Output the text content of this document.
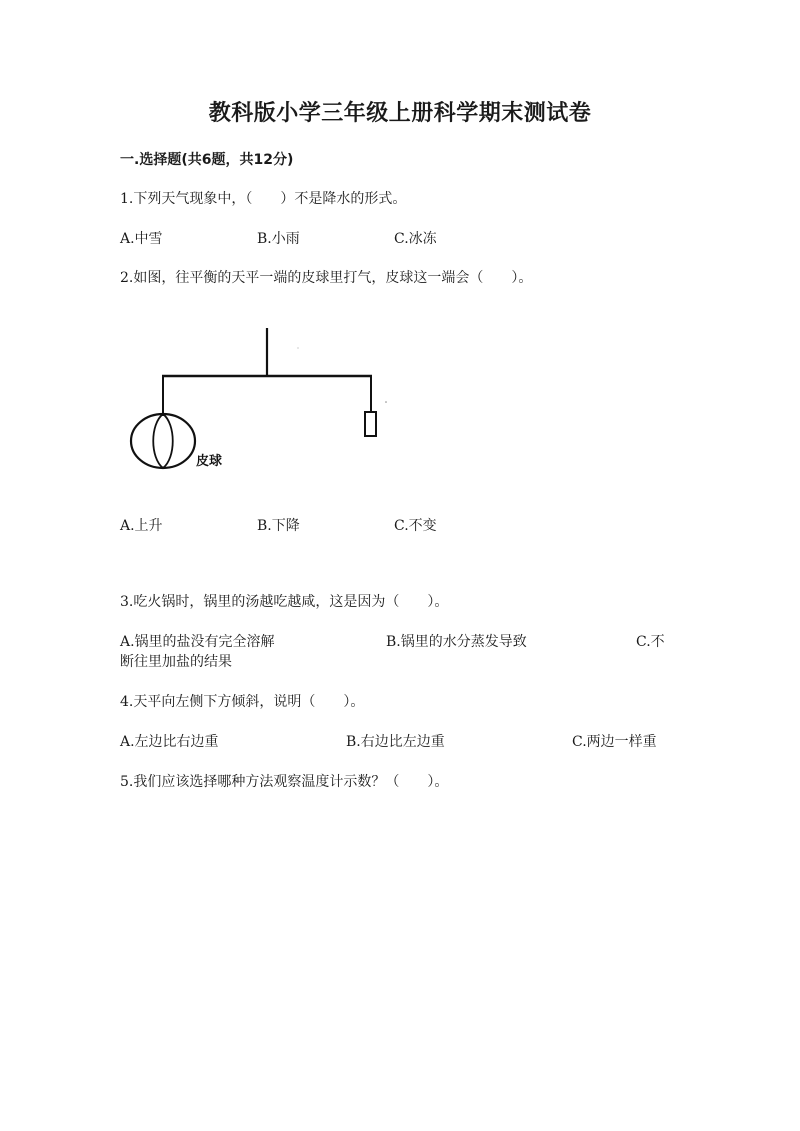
教科版小学三年级上册科学期末测试卷
一.选择题(共6题，共12分)
1.下列天气现象中，（　　）不是降水的形式。
A.中雪	B.小雨	C.冰冻
2.如图，往平衡的天平一端的皮球里打气，皮球这一端会（　　）。
皮球
A.上升	B.下降	C.不变
3.吃火锅时，锅里的汤越吃越咸，这是因为（　　）。
A.锅里的盐没有完全溶解	B.锅里的水分蒸发导致	C.不
断往里加盐的结果
4.天平向左侧下方倾斜，说明（　　）。
A.左边比右边重	B.右边比左边重	C.两边一样重
5.我们应该选择哪种方法观察温度计示数？（　　）。
